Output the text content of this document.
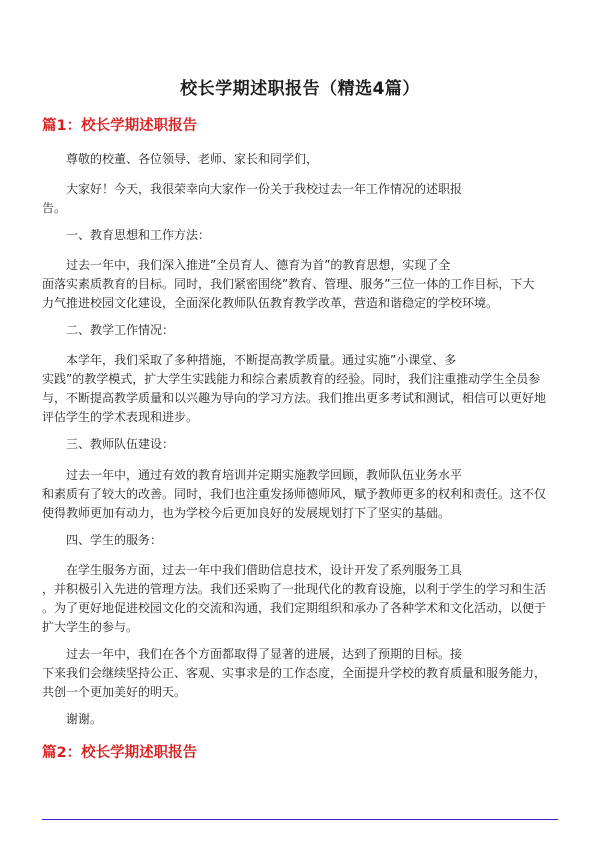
校长学期述职报告（精选4篇）
篇1：校长学期述职报告

尊敬的校董、各位领导、老师、家长和同学们，

大家好！今天，我很荣幸向大家作一份关于我校过去一年工作情况的述职报
告。

一、教育思想和工作方法：

过去一年中，我们深入推进”全员育人、德育为首”的教育思想，实现了全
面落实素质教育的目标。同时，我们紧密围绕”教育、管理、服务”三位一体的工作目标，下大
力气推进校园文化建设，全面深化教师队伍教育教学改革，营造和谐稳定的学校环境。

二、教学工作情况：

本学年，我们采取了多种措施，不断提高教学质量。通过实施”小课堂、多
实践”的教学模式，扩大学生实践能力和综合素质教育的经验。同时，我们注重推动学生全员参
与，不断提高教学质量和以兴趣为导向的学习方法。我们推出更多考试和测试，相信可以更好地
评估学生的学术表现和进步。

三、教师队伍建设：

过去一年中，通过有效的教育培训并定期实施教学回顾，教师队伍业务水平
和素质有了较大的改善。同时，我们也注重发扬师德师风，赋予教师更多的权利和责任。这不仅
使得教师更加有动力，也为学校今后更加良好的发展规划打下了坚实的基础。

四、学生的服务：

在学生服务方面，过去一年中我们借助信息技术，设计开发了系列服务工具
，并积极引入先进的管理方法。我们还采购了一批现代化的教育设施，以利于学生的学习和生活
。为了更好地促进校园文化的交流和沟通，我们定期组织和承办了各种学术和文化活动，以便于
扩大学生的参与。

过去一年中，我们在各个方面都取得了显著的进展，达到了预期的目标。接
下来我们会继续坚持公正、客观、实事求是的工作态度，全面提升学校的教育质量和服务能力，
共创一个更加美好的明天。

谢谢。

篇2：校长学期述职报告
